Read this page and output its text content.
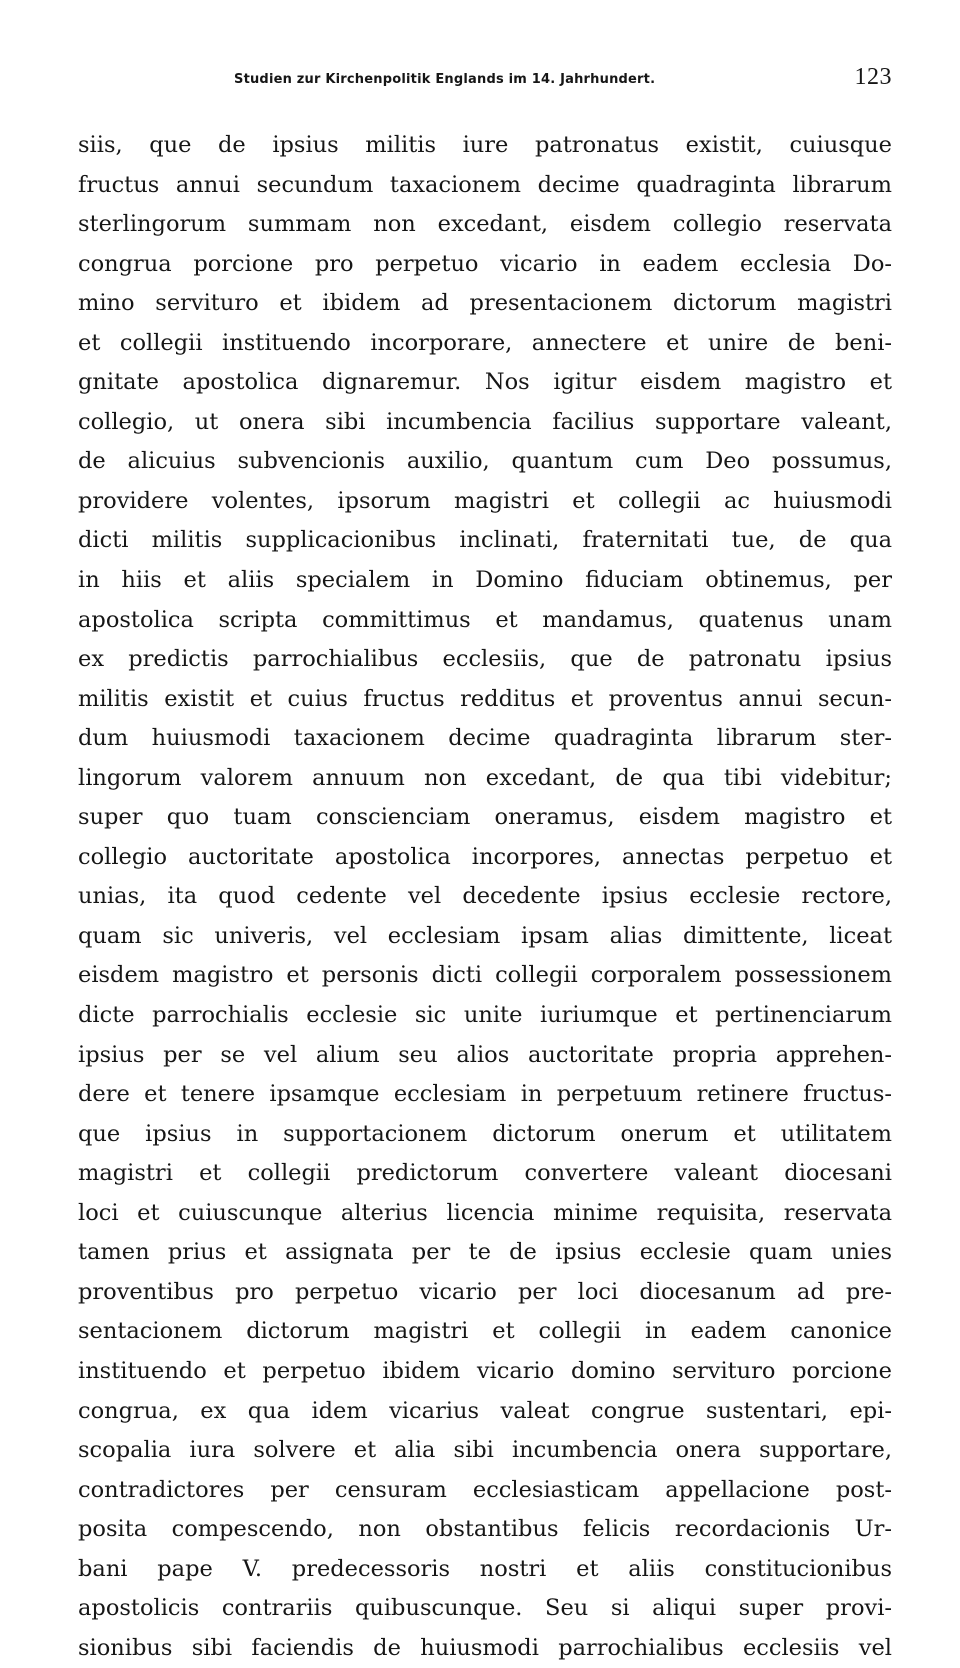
Studien zur Kirchenpolitik Englands im 14. Jahrhundert.	123
siis, que de ipsius militis iure patronatus existit, cuiusque
fructus annui secundum taxacionem decime quadraginta librarum
sterlingorum summam non excedant, eisdem collegio reservata
congrua porcione pro perpetuo vicario in eadem ecclesia Do-
mino servituro et ibidem ad presentacionem dictorum magistri
et collegii instituendo incorporare, annectere et unire de beni-
gnitate apostolica dignaremur. Nos igitur eisdem magistro et
collegio, ut onera sibi incumbencia facilius supportare valeant,
de alicuius subvencionis auxilio, quantum cum Deo possumus,
providere volentes, ipsorum magistri et collegii ac huiusmodi
dicti militis supplicacionibus inclinati, fraternitati tue, de qua
in hiis et aliis specialem in Domino fiduciam obtinemus, per
apostolica scripta committimus et mandamus, quatenus unam
ex predictis parrochialibus ecclesiis, que de patronatu ipsius
militis existit et cuius fructus redditus et proventus annui secun-
dum huiusmodi taxacionem decime quadraginta librarum ster-
lingorum valorem annuum non excedant, de qua tibi videbitur;
super quo tuam conscienciam oneramus, eisdem magistro et
collegio auctoritate apostolica incorpores, annectas perpetuo et
unias, ita quod cedente vel decedente ipsius ecclesie rectore,
quam sic univeris, vel ecclesiam ipsam alias dimittente, liceat
eisdem magistro et personis dicti collegii corporalem possessionem
dicte parrochialis ecclesie sic unite iuriumque et pertinenciarum
ipsius per se vel alium seu alios auctoritate propria apprehen-
dere et tenere ipsamque ecclesiam in perpetuum retinere fructus-
que ipsius in supportacionem dictorum onerum et utilitatem
magistri et collegii predictorum convertere valeant diocesani
loci et cuiuscunque alterius licencia minime requisita, reservata
tamen prius et assignata per te de ipsius ecclesie quam unies
proventibus pro perpetuo vicario per loci diocesanum ad pre-
sentacionem dictorum magistri et collegii in eadem canonice
instituendo et perpetuo ibidem vicario domino servituro porcione
congrua, ex qua idem vicarius valeat congrue sustentari, epi-
scopalia iura solvere et alia sibi incumbencia onera supportare,
contradictores per censuram ecclesiasticam appellacione post-
posita compescendo, non obstantibus felicis recordacionis Ur-
bani pape V. predecessoris nostri et aliis constitucionibus
apostolicis contrariis quibuscunque. Seu si aliqui super provi-
sionibus sibi faciendis de huiusmodi parrochialibus ecclesiis vel
